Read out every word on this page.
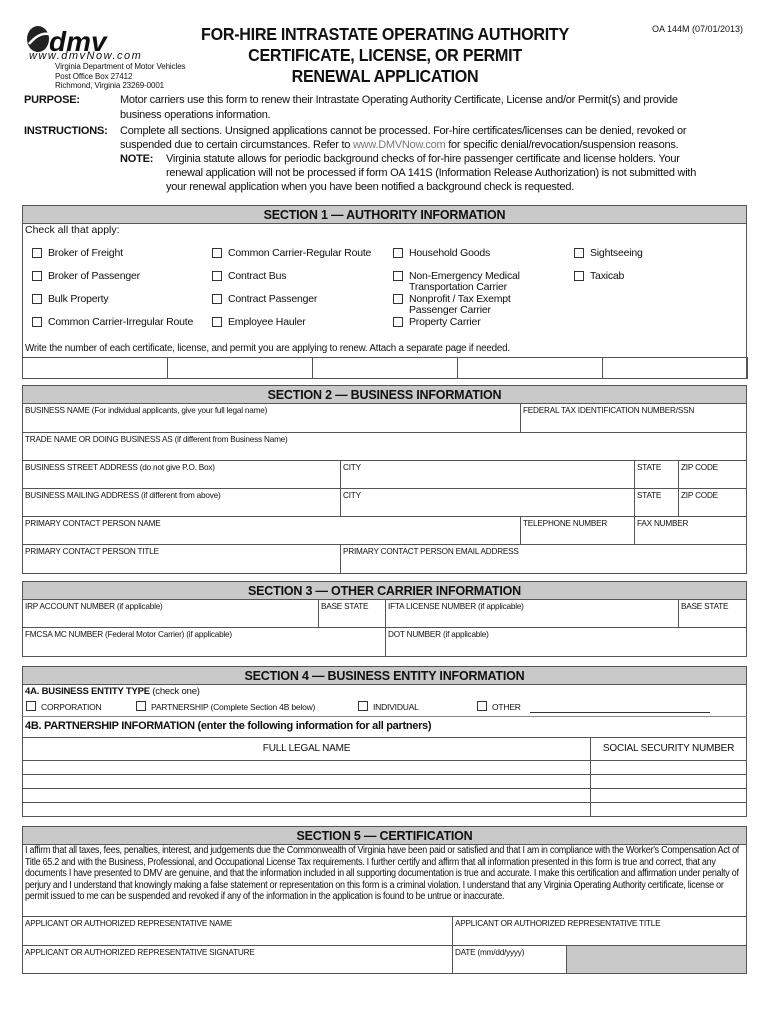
dmv
www.dmvNow.com
Virginia Department of Motor Vehicles
Post Office Box 27412
Richmond, Virginia 23269-0001
FOR-HIRE INTRASTATE OPERATING AUTHORITY
CERTIFICATE, LICENSE, OR PERMIT
RENEWAL APPLICATION
OA 144M (07/01/2013)
PURPOSE:	Motor carriers use this form to renew their Intrastate Operating Authority Certificate, License and/or Permit(s) and provide
business operations information.
INSTRUCTIONS: Complete all sections. Unsigned applications cannot be processed. For-hire certificates/licenses can be denied, revoked or
suspended due to certain circumstances. Refer to www.DMVNow.com for specific denial/revocation/suspension reasons.
NOTE: Virginia statute allows for periodic background checks of for-hire passenger certificate and license holders. Your
renewal application will not be processed if form OA 141S (Information Release Authorization) is not submitted with
your renewal application when you have been notified a background check is requested.
SECTION 1 — AUTHORITY INFORMATION
Check all that apply:
Broker of Freight
Broker of Passenger
Bulk Property
Common Carrier-Irregular Route
Common Carrier-Regular Route
Contract Bus
Contract Passenger
Employee Hauler
Household Goods
Non-Emergency Medical
Transportation Carrier
Nonprofit / Tax Exempt
Passenger Carrier
Property Carrier
Sightseeing
Taxicab
Write the number of each certificate, license, and permit you are applying to renew. Attach a separate page if needed.
SECTION 2 — BUSINESS INFORMATION
BUSINESS NAME (For individual applicants, give your full legal name)	FEDERAL TAX IDENTIFICATION NUMBER/SSN
TRADE NAME OR DOING BUSINESS AS (if different from Business Name)
BUSINESS STREET ADDRESS (do not give P.O. Box)	CITY	STATE	ZIP CODE
BUSINESS MAILING ADDRESS (if different from above)	CITY	STATE	ZIP CODE
PRIMARY CONTACT PERSON NAME	TELEPHONE NUMBER	FAX NUMBER
PRIMARY CONTACT PERSON TITLE	PRIMARY CONTACT PERSON EMAIL ADDRESS
SECTION 3 — OTHER CARRIER INFORMATION
IRP ACCOUNT NUMBER (if applicable)	BASE STATE	IFTA LICENSE NUMBER (if applicable)	BASE STATE
FMCSA MC NUMBER (Federal Motor Carrier) (if applicable)	DOT NUMBER (if applicable)
SECTION 4 — BUSINESS ENTITY INFORMATION
4A. BUSINESS ENTITY TYPE (check one)
CORPORATION	PARTNERSHIP (Complete Section 4B below)	INDIVIDUAL	OTHER
4B. PARTNERSHIP INFORMATION (enter the following information for all partners)
FULL LEGAL NAME	SOCIAL SECURITY NUMBER
SECTION 5 — CERTIFICATION
I affirm that all taxes, fees, penalties, interest, and judgements due the Commonwealth of Virginia have been paid or satisfied and that I am in compliance with the Worker's Compensation Act of Title 65.2 and with the Business, Professional, and Occupational License Tax requirements. I further certify and affirm that all information presented in this form is true and correct, that any documents I have presented to DMV are genuine, and that the information included in all supporting documentation is true and accurate. I make this certification and affirmation under penalty of perjury and I understand that knowingly making a false statement or representation on this form is a criminal violation. I understand that any Virginia Operating Authority certificate, license or permit issued to me can be suspended and revoked if any of the information in the application is found to be untrue or inaccurate.
APPLICANT OR AUTHORIZED REPRESENTATIVE NAME	APPLICANT OR AUTHORIZED REPRESENTATIVE TITLE
APPLICANT OR AUTHORIZED REPRESENTATIVE SIGNATURE	DATE (mm/dd/yyyy)
